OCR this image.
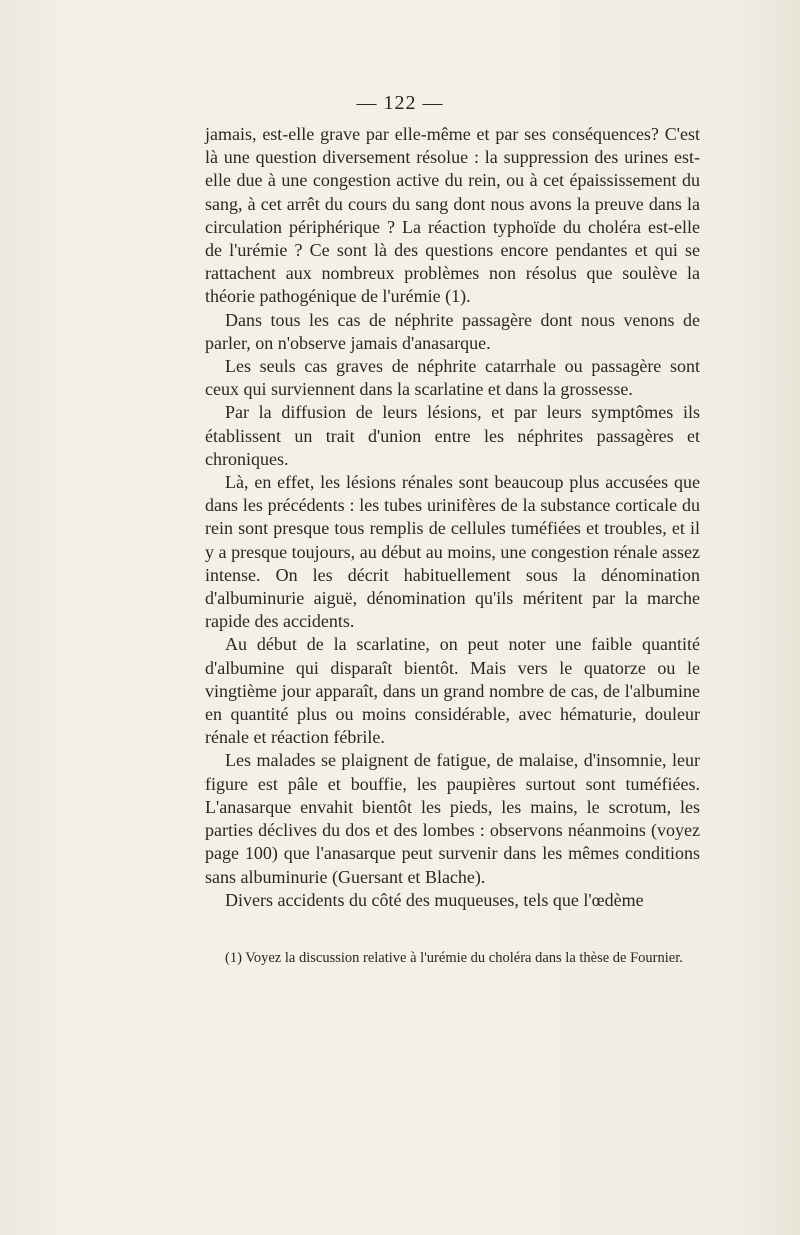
— 122 —

jamais, est-elle grave par elle-même et par ses conséquences? C'est là une question diversement résolue : la suppression des urines est-elle due à une congestion active du rein, ou à cet épaississement du sang, à cet arrêt du cours du sang dont nous avons la preuve dans la circulation périphérique ? La réaction typhoïde du choléra est-elle de l'urémie ? Ce sont là des questions encore pendantes et qui se rattachent aux nombreux problèmes non résolus que soulève la théorie pathogénique de l'urémie (1).

Dans tous les cas de néphrite passagère dont nous venons de parler, on n'observe jamais d'anasarque.

Les seuls cas graves de néphrite catarrhale ou passagère sont ceux qui surviennent dans la scarlatine et dans la grossesse.

Par la diffusion de leurs lésions, et par leurs symptômes ils établissent un trait d'union entre les néphrites passagères et chroniques.

Là, en effet, les lésions rénales sont beaucoup plus accusées que dans les précédents : les tubes urinifères de la substance corticale du rein sont presque tous remplis de cellules tuméfiées et troubles, et il y a presque toujours, au début au moins, une congestion rénale assez intense. On les décrit habituellement sous la dénomination d'albuminurie aiguë, dénomination qu'ils méritent par la marche rapide des accidents.

Au début de la scarlatine, on peut noter une faible quantité d'albumine qui disparaît bientôt. Mais vers le quatorze ou le vingtième jour apparaît, dans un grand nombre de cas, de l'albumine en quantité plus ou moins considérable, avec hématurie, douleur rénale et réaction fébrile.

Les malades se plaignent de fatigue, de malaise, d'insomnie, leur figure est pâle et bouffie, les paupières surtout sont tuméfiées. L'anasarque envahit bientôt les pieds, les mains, le scrotum, les parties déclives du dos et des lombes : observons néanmoins (voyez page 100) que l'anasarque peut survenir dans les mêmes conditions sans albuminurie (Guersant et Blache).

Divers accidents du côté des muqueuses, tels que l'œdème

(1) Voyez la discussion relative à l'urémie du choléra dans la thèse de Fournier.
